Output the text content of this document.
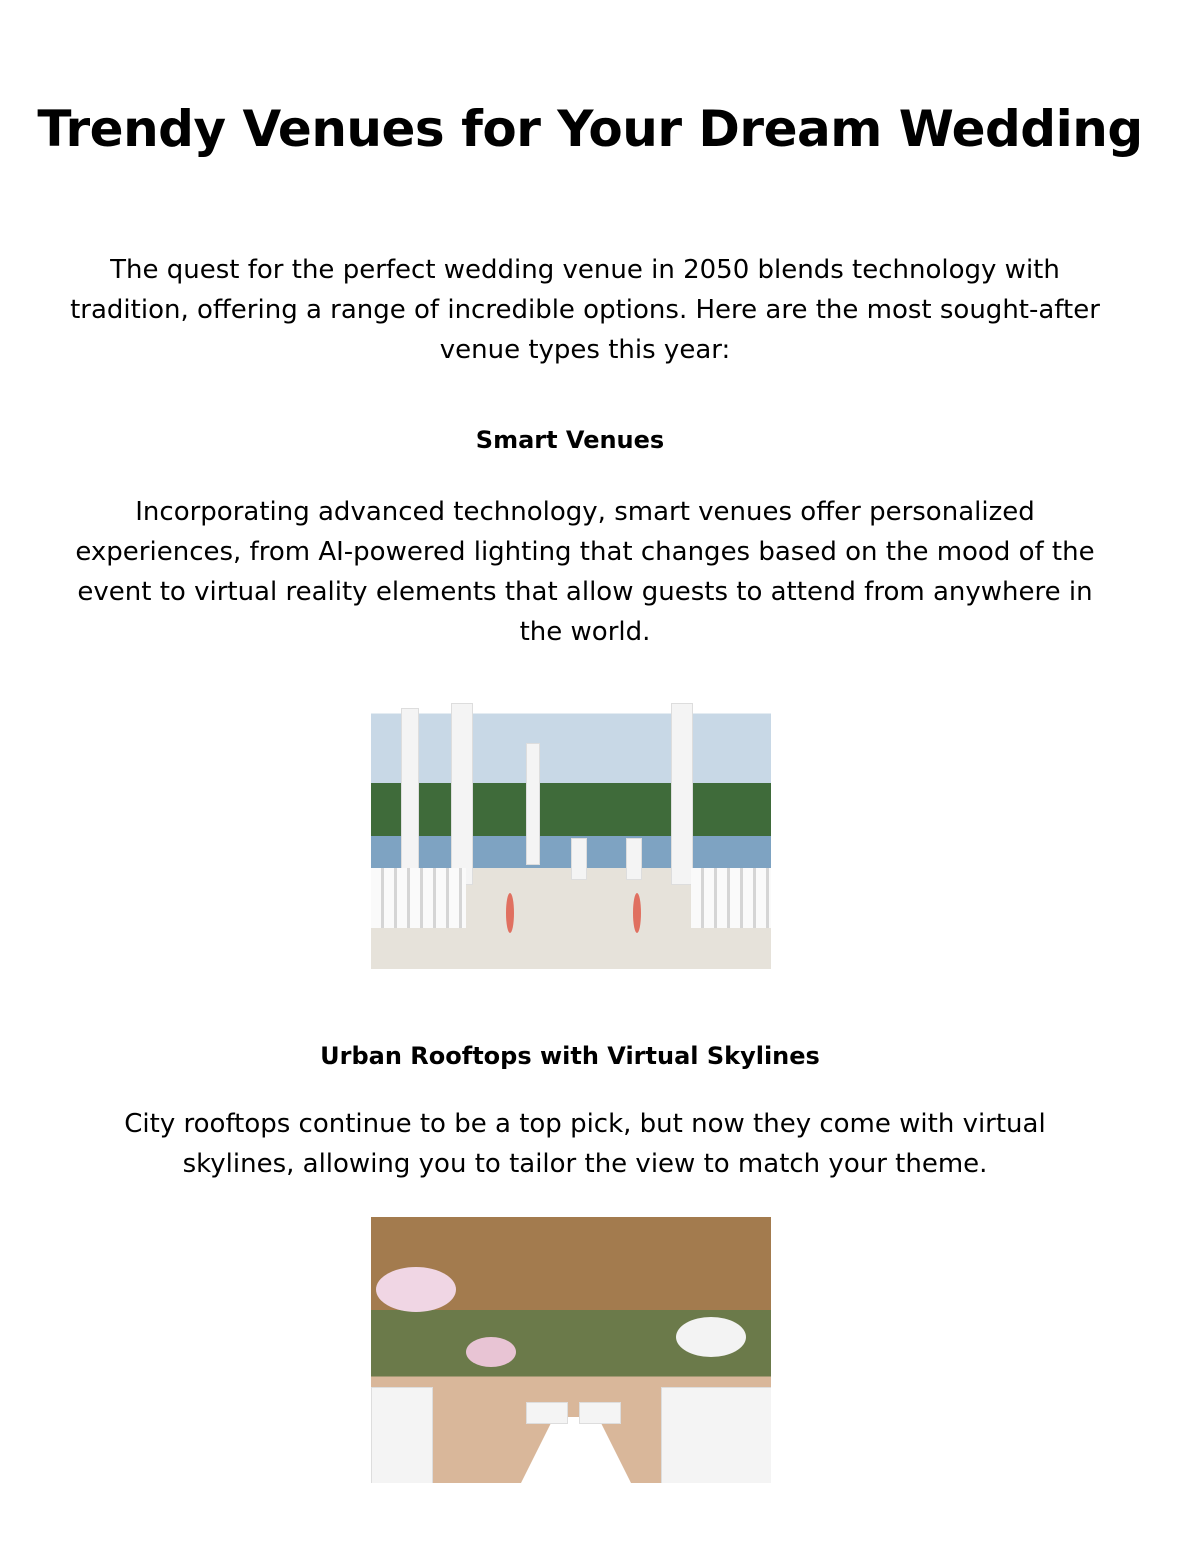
Trendy Venues for Your Dream Wedding

The quest for the perfect wedding venue in 2050 blends technology with tradition, offering a range of incredible options. Here are the most sought-after venue types this year:

Smart Venues

Incorporating advanced technology, smart venues offer personalized experiences, from AI-powered lighting that changes based on the mood of the event to virtual reality elements that allow guests to attend from anywhere in the world.

Urban Rooftops with Virtual Skylines

City rooftops continue to be a top pick, but now they come with virtual skylines, allowing you to tailor the view to match your theme.
